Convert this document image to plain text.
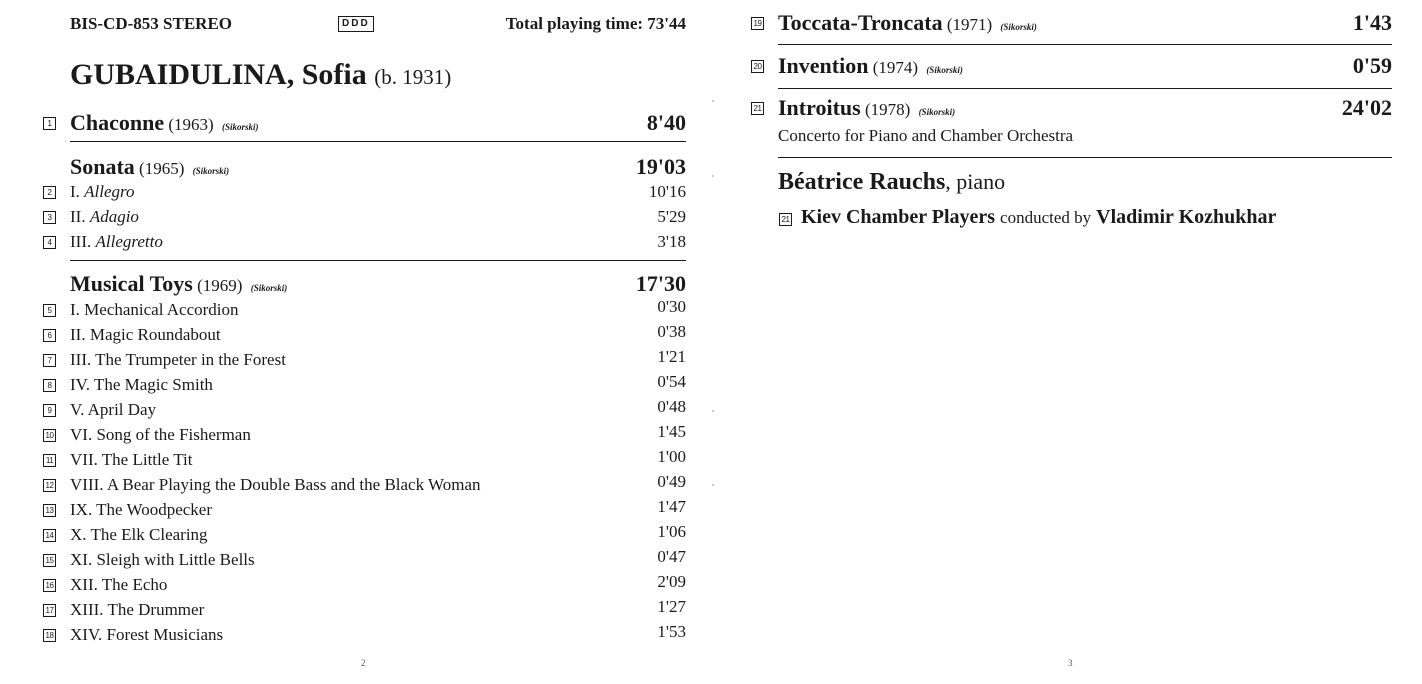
BIS-CD-853 STEREO	DDD	Total playing time: 73'44
GUBAIDULINA, Sofia (b. 1931)
1 Chaconne (1963) (Sikorski)	8'40
Sonata (1965) (Sikorski)	19'03
2 I. Allegro	10'16
3 II. Adagio	5'29
4 III. Allegretto	3'18
Musical Toys (1969) (Sikorski)	17'30
5 I. Mechanical Accordion	0'30
6 II. Magic Roundabout	0'38
7 III. The Trumpeter in the Forest	1'21
8 IV. The Magic Smith	0'54
9 V. April Day	0'48
10 VI. Song of the Fisherman	1'45
11 VII. The Little Tit	1'00
12 VIII. A Bear Playing the Double Bass and the Black Woman	0'49
13 IX. The Woodpecker	1'47
14 X. The Elk Clearing	1'06
15 XI. Sleigh with Little Bells	0'47
16 XII. The Echo	2'09
17 XIII. The Drummer	1'27
18 XIV. Forest Musicians	1'53
2
19 Toccata-Troncata (1971) (Sikorski)	1'43
20 Invention (1974) (Sikorski)	0'59
21 Introitus (1978) (Sikorski)	24'02
Concerto for Piano and Chamber Orchestra
Béatrice Rauchs, piano
21 Kiev Chamber Players conducted by Vladimir Kozhukhar
3
